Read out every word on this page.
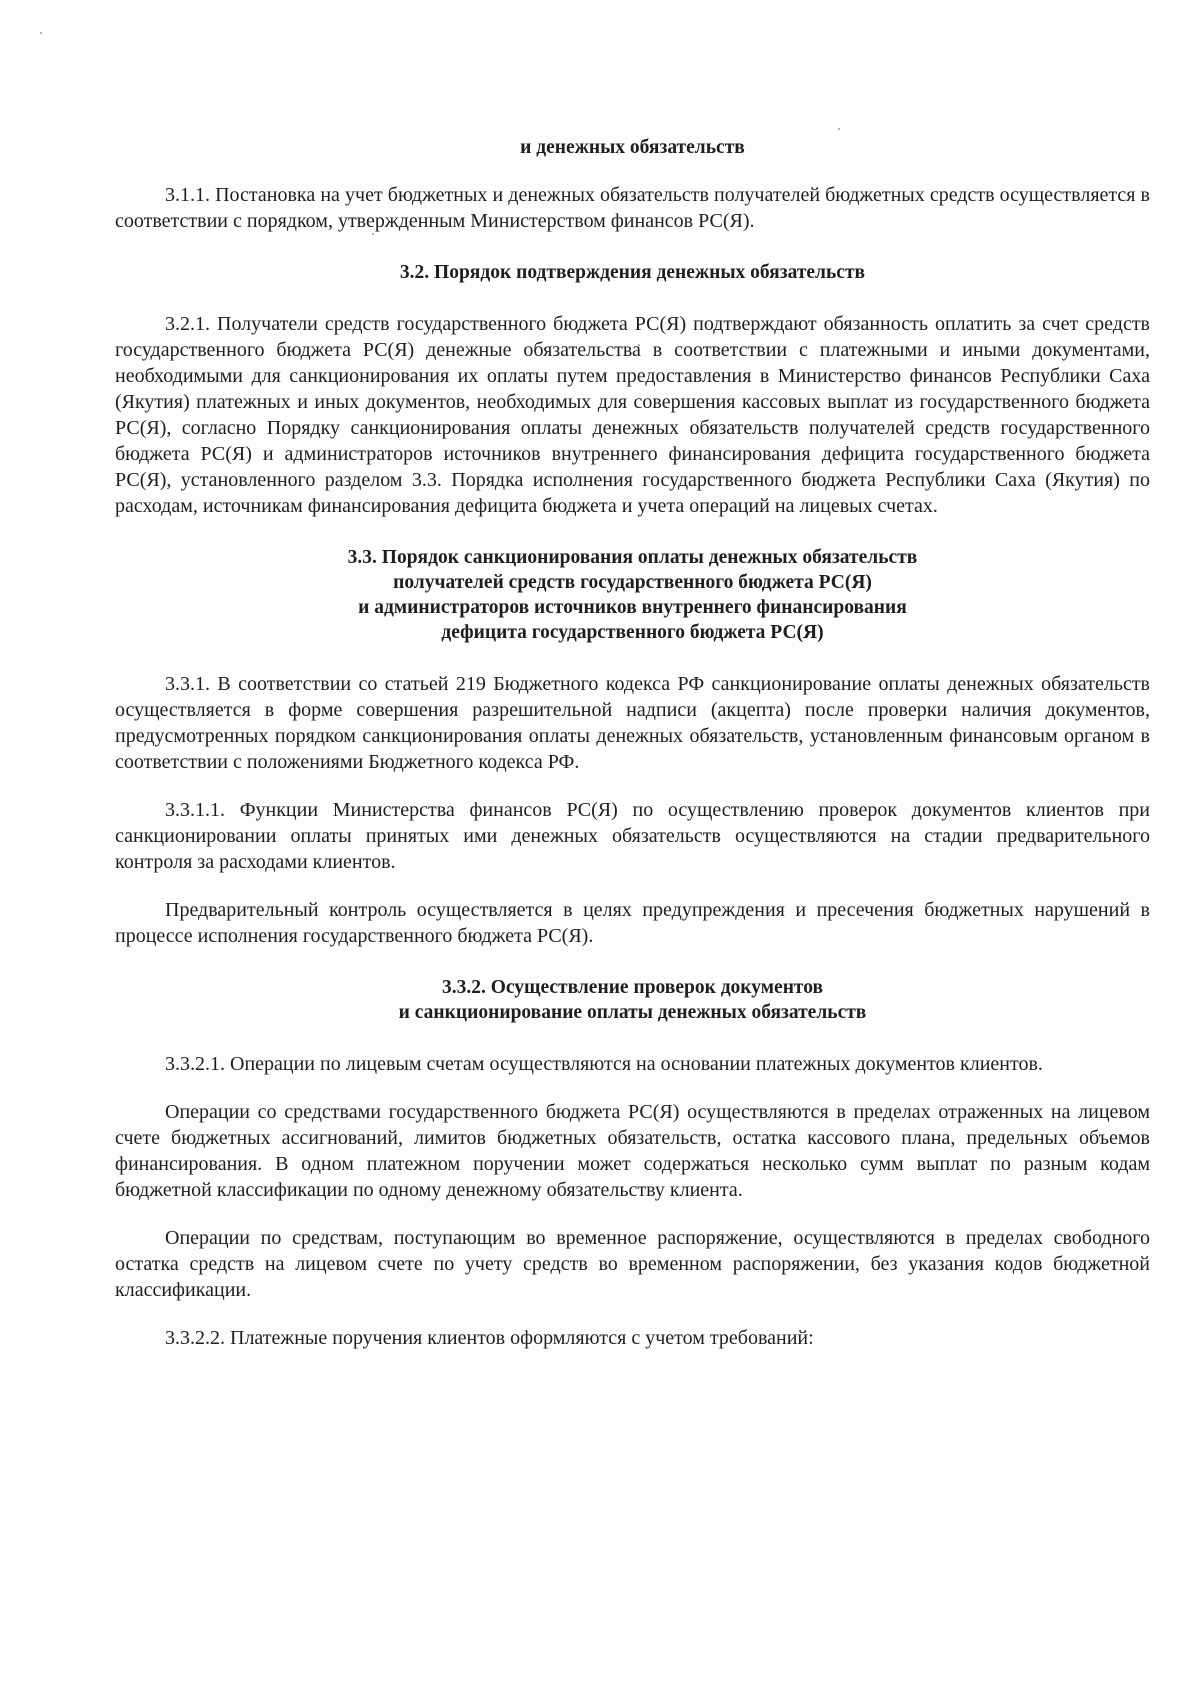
и денежных обязательств

3.1.1. Постановка на учет бюджетных и денежных обязательств получателей бюджетных средств осуществляется в соответствии с порядком, утвержденным Министерством финансов РС(Я).

3.2. Порядок подтверждения денежных обязательств

3.2.1. Получатели средств государственного бюджета РС(Я) подтверждают обязанность оплатить за счет средств государственного бюджета РС(Я) денежные обязательства в соответствии с платежными и иными документами, необходимыми для санкционирования их оплаты путем предоставления в Министерство финансов Республики Саха (Якутия) платежных и иных документов, необходимых для совершения кассовых выплат из государственного бюджета РС(Я), согласно Порядку санкционирования оплаты денежных обязательств получателей средств государственного бюджета РС(Я) и администраторов источников внутреннего финансирования дефицита государственного бюджета РС(Я), установленного разделом 3.3. Порядка исполнения государственного бюджета Республики Саха (Якутия) по расходам, источникам финансирования дефицита бюджета и учета операций на лицевых счетах.

3.3. Порядок санкционирования оплаты денежных обязательств
получателей средств государственного бюджета РС(Я)
и администраторов источников внутреннего финансирования
дефицита государственного бюджета РС(Я)

3.3.1. В соответствии со статьей 219 Бюджетного кодекса РФ санкционирование оплаты денежных обязательств осуществляется в форме совершения разрешительной надписи (акцепта) после проверки наличия документов, предусмотренных порядком санкционирования оплаты денежных обязательств, установленным финансовым органом в соответствии с положениями Бюджетного кодекса РФ.

3.3.1.1. Функции Министерства финансов РС(Я) по осуществлению проверок документов клиентов при санкционировании оплаты принятых ими денежных обязательств осуществляются на стадии предварительного контроля за расходами клиентов.

Предварительный контроль осуществляется в целях предупреждения и пресечения бюджетных нарушений в процессе исполнения государственного бюджета РС(Я).

3.3.2. Осуществление проверок документов
и санкционирование оплаты денежных обязательств

3.3.2.1. Операции по лицевым счетам осуществляются на основании платежных документов клиентов.

Операции со средствами государственного бюджета РС(Я) осуществляются в пределах отраженных на лицевом счете бюджетных ассигнований, лимитов бюджетных обязательств, остатка кассового плана, предельных объемов финансирования. В одном платежном поручении может содержаться несколько сумм выплат по разным кодам бюджетной классификации по одному денежному обязательству клиента.

Операции по средствам, поступающим во временное распоряжение, осуществляются в пределах свободного остатка средств на лицевом счете по учету средств во временном распоряжении, без указания кодов бюджетной классификации.

3.3.2.2. Платежные поручения клиентов оформляются с учетом требований:
